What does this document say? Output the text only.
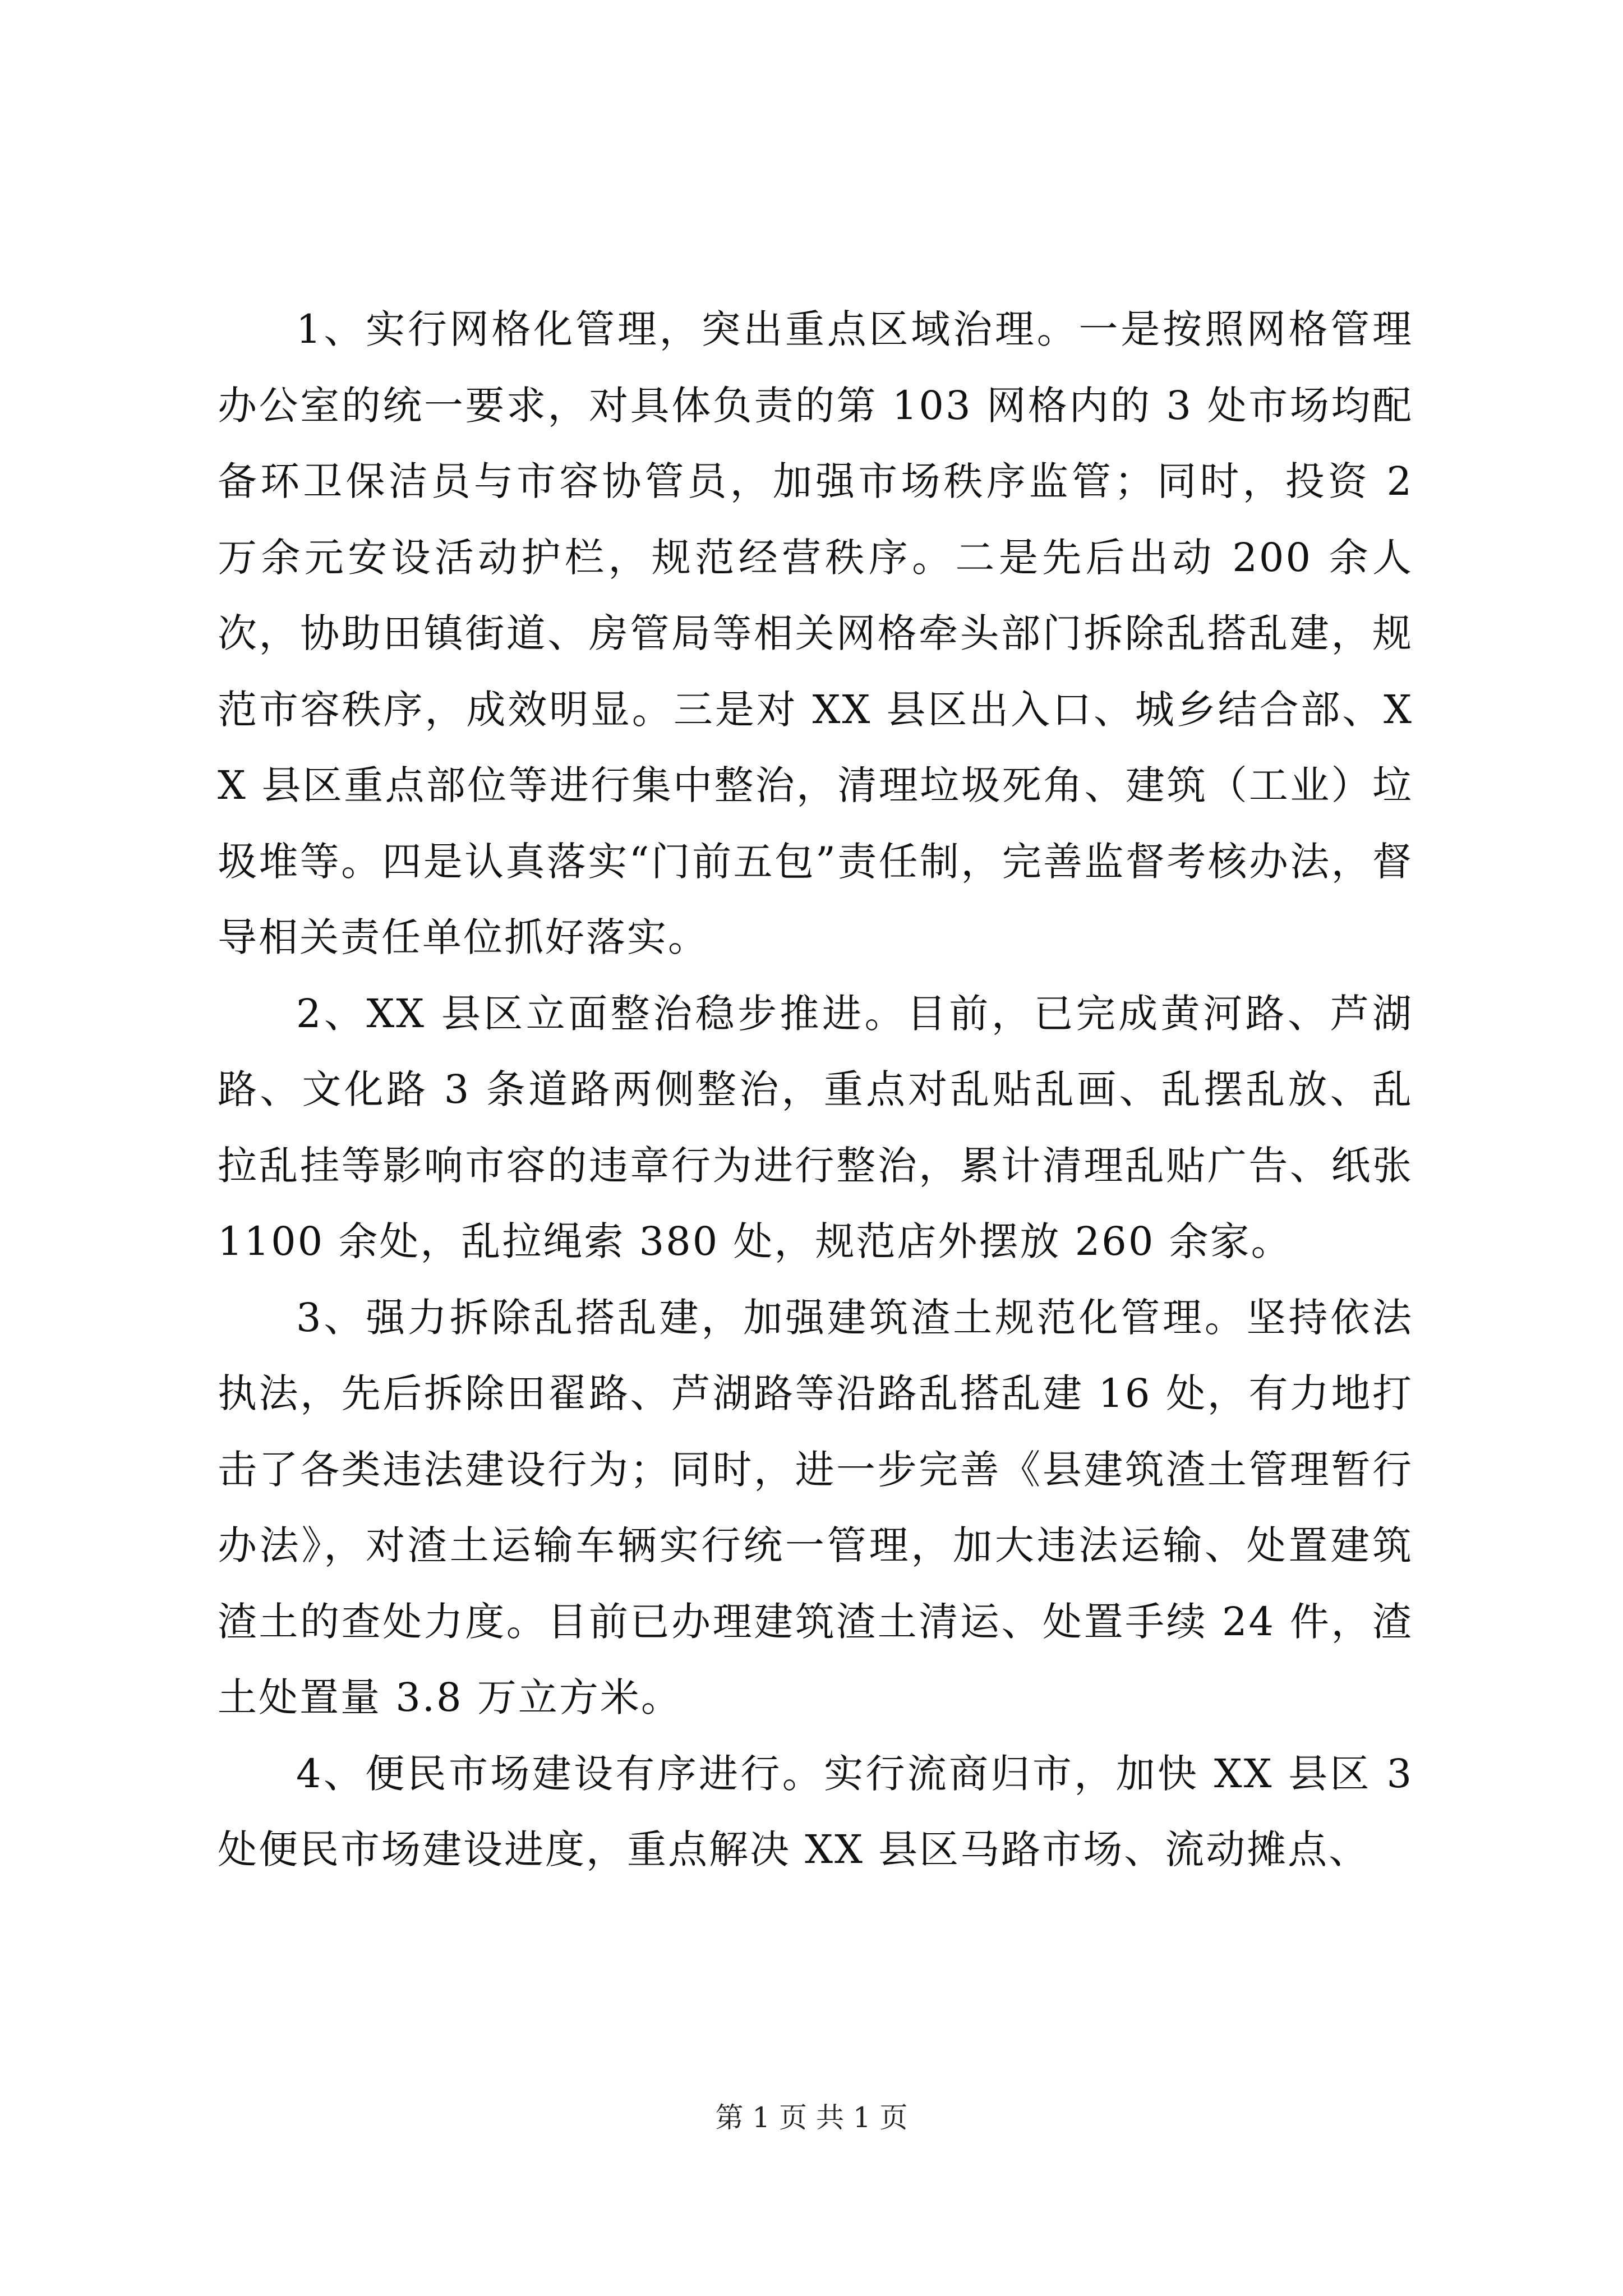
1、实行网格化管理，突出重点区域治理。一是按照网格管理办公室的统一要求，对具体负责的第 103 网格内的 3 处市场均配备环卫保洁员与市容协管员，加强市场秩序监管；同时，投资 2 万余元安设活动护栏，规范经营秩序。二是先后出动 200 余人次，协助田镇街道、房管局等相关网格牵头部门拆除乱搭乱建，规范市容秩序，成效明显。三是对 XX 县区出入口、城乡结合部、XX 县区重点部位等进行集中整治，清理垃圾死角、建筑（工业）垃圾堆等。四是认真落实“门前五包”责任制，完善监督考核办法，督导相关责任单位抓好落实。

2、XX 县区立面整治稳步推进。目前，已完成黄河路、芦湖路、文化路 3 条道路两侧整治，重点对乱贴乱画、乱摆乱放、乱拉乱挂等影响市容的违章行为进行整治，累计清理乱贴广告、纸张 1100 余处，乱拉绳索 380 处，规范店外摆放 260 余家。

3、强力拆除乱搭乱建，加强建筑渣土规范化管理。坚持依法执法，先后拆除田翟路、芦湖路等沿路乱搭乱建 16 处，有力地打击了各类违法建设行为；同时，进一步完善《县建筑渣土管理暂行办法》，对渣土运输车辆实行统一管理，加大违法运输、处置建筑渣土的查处力度。目前已办理建筑渣土清运、处置手续 24 件，渣土处置量 3.8 万立方米。

4、便民市场建设有序进行。实行流商归市，加快 XX 县区 3 处便民市场建设进度，重点解决 XX 县区马路市场、流动摊点、

第 1 页 共 1 页
